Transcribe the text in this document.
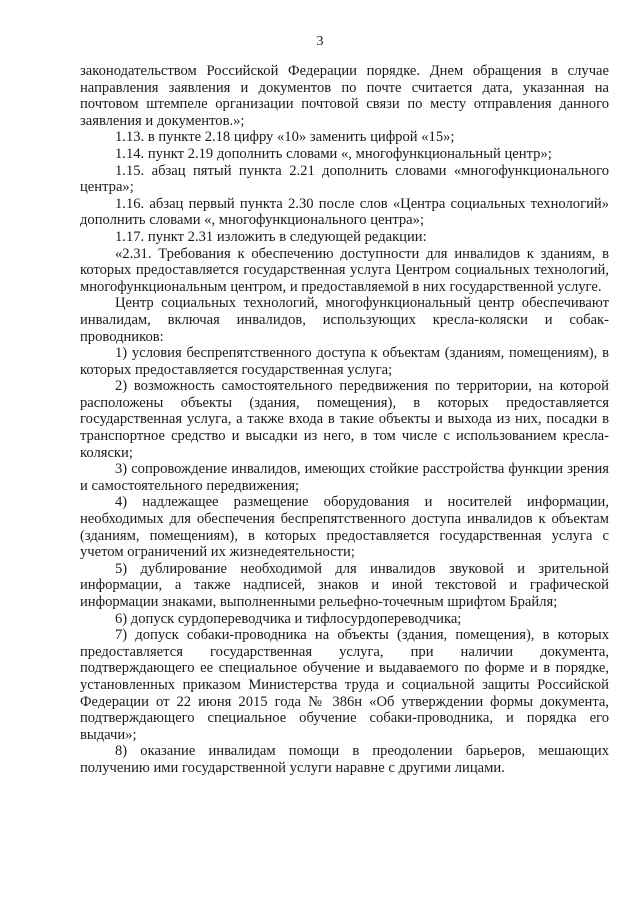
3

законодательством Российской Федерации порядке. Днем обращения в случае направления заявления и документов по почте считается дата, указанная на почтовом штемпеле организации почтовой связи по месту отправления данного заявления и документов.»;

1.13. в пункте 2.18 цифру «10» заменить цифрой «15»;

1.14. пункт 2.19 дополнить словами «, многофункциональный центр»;

1.15. абзац пятый пункта 2.21 дополнить словами «многофункционального центра»;

1.16. абзац первый пункта 2.30 после слов «Центра социальных технологий» дополнить словами «, многофункционального центра»;

1.17. пункт 2.31 изложить в следующей редакции:

«2.31. Требования к обеспечению доступности для инвалидов к зданиям, в которых предоставляется государственная услуга Центром социальных технологий, многофункциональным центром, и предоставляемой в них государственной услуге.

Центр социальных технологий, многофункциональный центр обеспечивают инвалидам, включая инвалидов, использующих кресла-коляски и собак-проводников:

1) условия беспрепятственного доступа к объектам (зданиям, помещениям), в которых предоставляется государственная услуга;

2) возможность самостоятельного передвижения по территории, на которой расположены объекты (здания, помещения), в которых предоставляется государственная услуга, а также входа в такие объекты и выхода из них, посадки в транспортное средство и высадки из него, в том числе с использованием кресла-коляски;

3) сопровождение инвалидов, имеющих стойкие расстройства функции зрения и самостоятельного передвижения;

4) надлежащее размещение оборудования и носителей информации, необходимых для обеспечения беспрепятственного доступа инвалидов к объектам (зданиям, помещениям), в которых предоставляется государственная услуга с учетом ограничений их жизнедеятельности;

5) дублирование необходимой для инвалидов звуковой и зрительной информации, а также надписей, знаков и иной текстовой и графической информации знаками, выполненными рельефно-точечным шрифтом Брайля;

6) допуск сурдопереводчика и тифлосурдопереводчика;

7) допуск собаки-проводника на объекты (здания, помещения), в которых предоставляется государственная услуга, при наличии документа, подтверждающего ее специальное обучение и выдаваемого по форме и в порядке, установленных приказом Министерства труда и социальной защиты Российской Федерации от 22 июня 2015 года № 386н «Об утверждении формы документа, подтверждающего специальное обучение собаки-проводника, и порядка его выдачи»;

8) оказание инвалидам помощи в преодолении барьеров, мешающих получению ими государственной услуги наравне с другими лицами.
